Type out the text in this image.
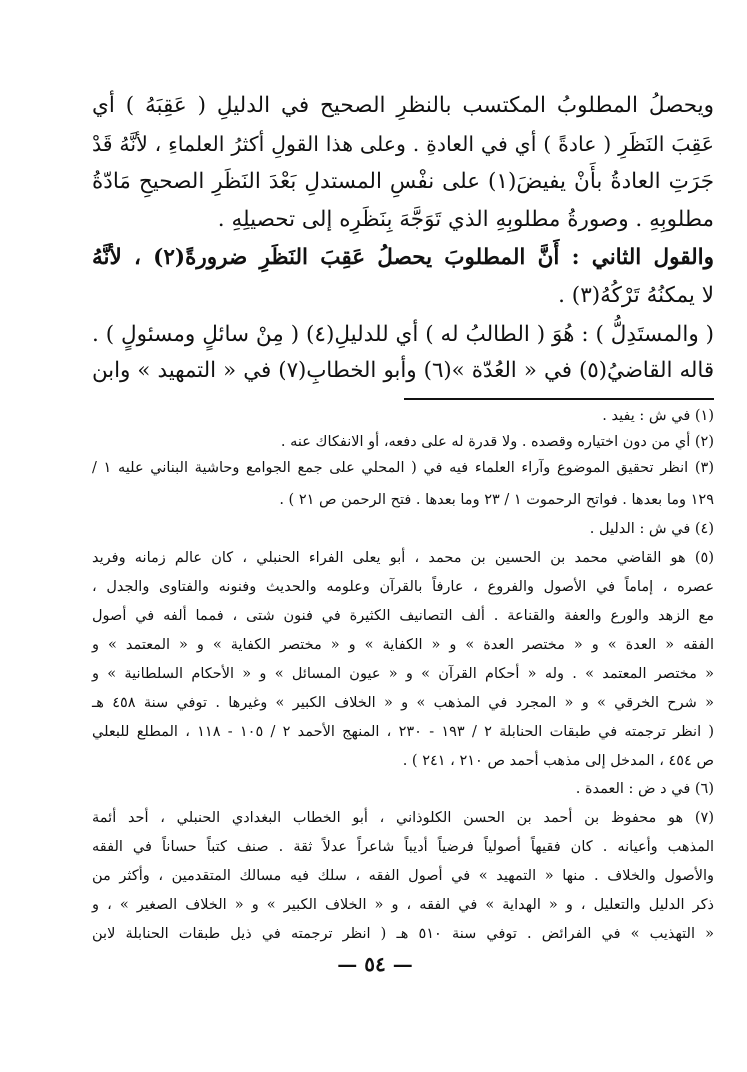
ويحصلُ المطلوبُ المكتسب بالنظرِ الصحيح في الدليلِ ( عَقِبَهُ ) أي
عَقِبَ النَظَرِ ( عادةً ) أي في العادةِ . وعلى هذا القولِ أكثرُ العلماءِ ، لأنَّهُ قَدْ
جَرَتِ العادةُ بأَنْ يفيضَ(١) على نفْسِ المستدلِ بَعْدَ النَظَرِ الصحيحِ مَادّةُ
مطلوبِهِ . وصورةُ مطلوبِهِ الذي تَوَجَّهَ بِنَظَرِه إلى تحصيلِهِ .
والقول الثاني : أَنَّ المطلوبَ يحصلُ عَقِبَ النَظَرِ ضرورةً(٢) ، لأنَّهُ
لا يمكنُهُ تَرْكُهُ(٣) .
( والمستَدِلُّ ) : هُوَ ( الطالبُ له ) أي للدليلِ(٤) ( مِنْ سائلٍ ومسئولٍ ) .
قاله القاضيُ(٥) في « العُدّة »(٦) وأبو الخطابِ(٧) في « التمهيد » وابن
(١) في ش : يفيد .
(٢) أي من دون اختياره وقصده . ولا قدرة له على دفعه، أو الانفكاك عنه .
(٣) انظر تحقيق الموضوع وآراء العلماء فيه في ( المحلي على جمع الجوامع وحاشية البناني عليه ١ /
١٢٩ وما بعدها . فواتح الرحموت ١ / ٢٣ وما بعدها . فتح الرحمن ص ٢١ ) .
(٤) في ش : الدليل .
(٥) هو القاضي محمد بن الحسين بن محمد ، أبو يعلى الفراء الحنبلي ، كان عالم زمانه وفريد
عصره ، إماماً في الأصول والفروع ، عارفاً بالقرآن وعلومه والحديث وفنونه والفتاوى والجدل ،
مع الزهد والورع والعفة والقناعة . ألف التصانيف الكثيرة في فنون شتى ، فمما ألفه في أصول
الفقه « العدة » و « مختصر العدة » و « الكفاية » و « مختصر الكفاية » و « المعتمد » و
« مختصر المعتمد » . وله « أحكام القرآن » و « عيون المسائل » و « الأحكام السلطانية » و
« شرح الخرقي » و « المجرد في المذهب » و « الخلاف الكبير » وغيرها . توفي سنة ٤٥٨ هـ
( انظر ترجمته في طبقات الحنابلة ٢ / ١٩٣ - ٢٣٠ ، المنهج الأحمد ٢ / ١٠٥ - ١١٨ ، المطلع للبعلي
ص ٤٥٤ ، المدخل إلى مذهب أحمد ص ٢١٠ ، ٢٤١ ) .
(٦) في د ض : العمدة .
(٧) هو محفوظ بن أحمد بن الحسن الكلوذاني ، أبو الخطاب البغدادي الحنبلي ، أحد أئمة
المذهب وأعيانه . كان فقيهاً أصولياً فرضياً أديباً شاعراً عدلاً ثقة . صنف كتباً حساناً في الفقه
والأصول والخلاف . منها « التمهيد » في أصول الفقه ، سلك فيه مسالك المتقدمين ، وأكثر من
ذكر الدليل والتعليل ، و « الهداية » في الفقه ، و « الخلاف الكبير » و « الخلاف الصغير » ، و
« التهذيب » في الفرائض . توفي سنة ٥١٠ هـ ( انظر ترجمته في ذيل طبقات الحنابلة لابن
— ٥٤ —
